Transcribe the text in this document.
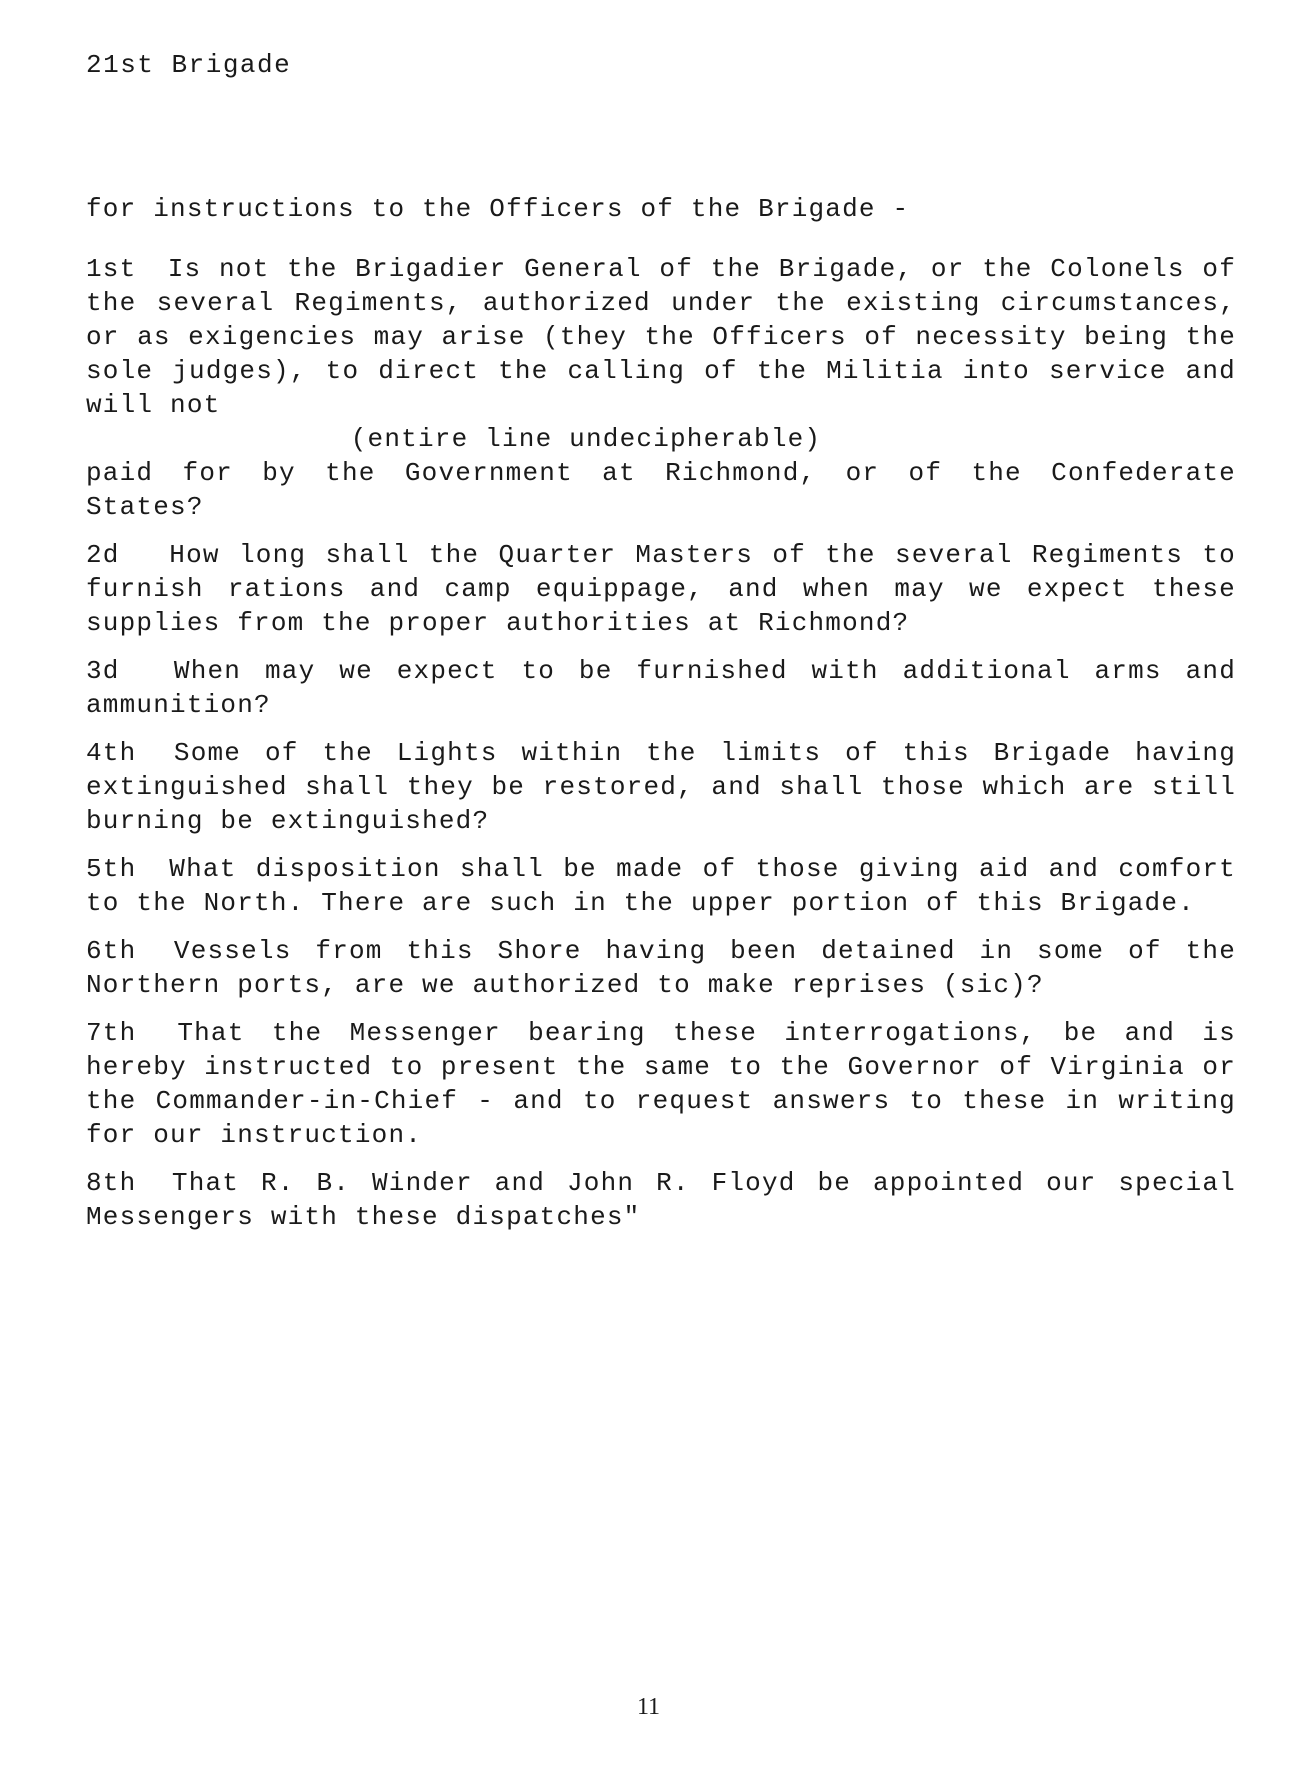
21st Brigade

for instructions to the Officers of the Brigade -

1st Is not the Brigadier General of the Brigade, or the Colonels of the several Regiments, authorized under the existing circumstances, or as exigencies may arise (they the Officers of necessity being the sole judges), to direct the calling of the Militia into service and will not
(entire line undecipherable)
paid for by the Government at Richmond, or of the Confederate States?

2d How long shall the Quarter Masters of the several Regiments to furnish rations and camp equippage, and when may we expect these supplies from the proper authorities at Richmond?

3d When may we expect to be furnished with additional arms and ammunition?

4th Some of the Lights within the limits of this Brigade having extinguished shall they be restored, and shall those which are still burning be extinguished?

5th What disposition shall be made of those giving aid and comfort to the North. There are such in the upper portion of this Brigade.

6th Vessels from this Shore having been detained in some of the Northern ports, are we authorized to make reprises (sic)?

7th That the Messenger bearing these interrogations, be and is hereby instructed to present the same to the Governor of Virginia or the Commander-in-Chief - and to request answers to these in writing for our instruction.

8th That R. B. Winder and John R. Floyd be appointed our special Messengers with these dispatches"

11
